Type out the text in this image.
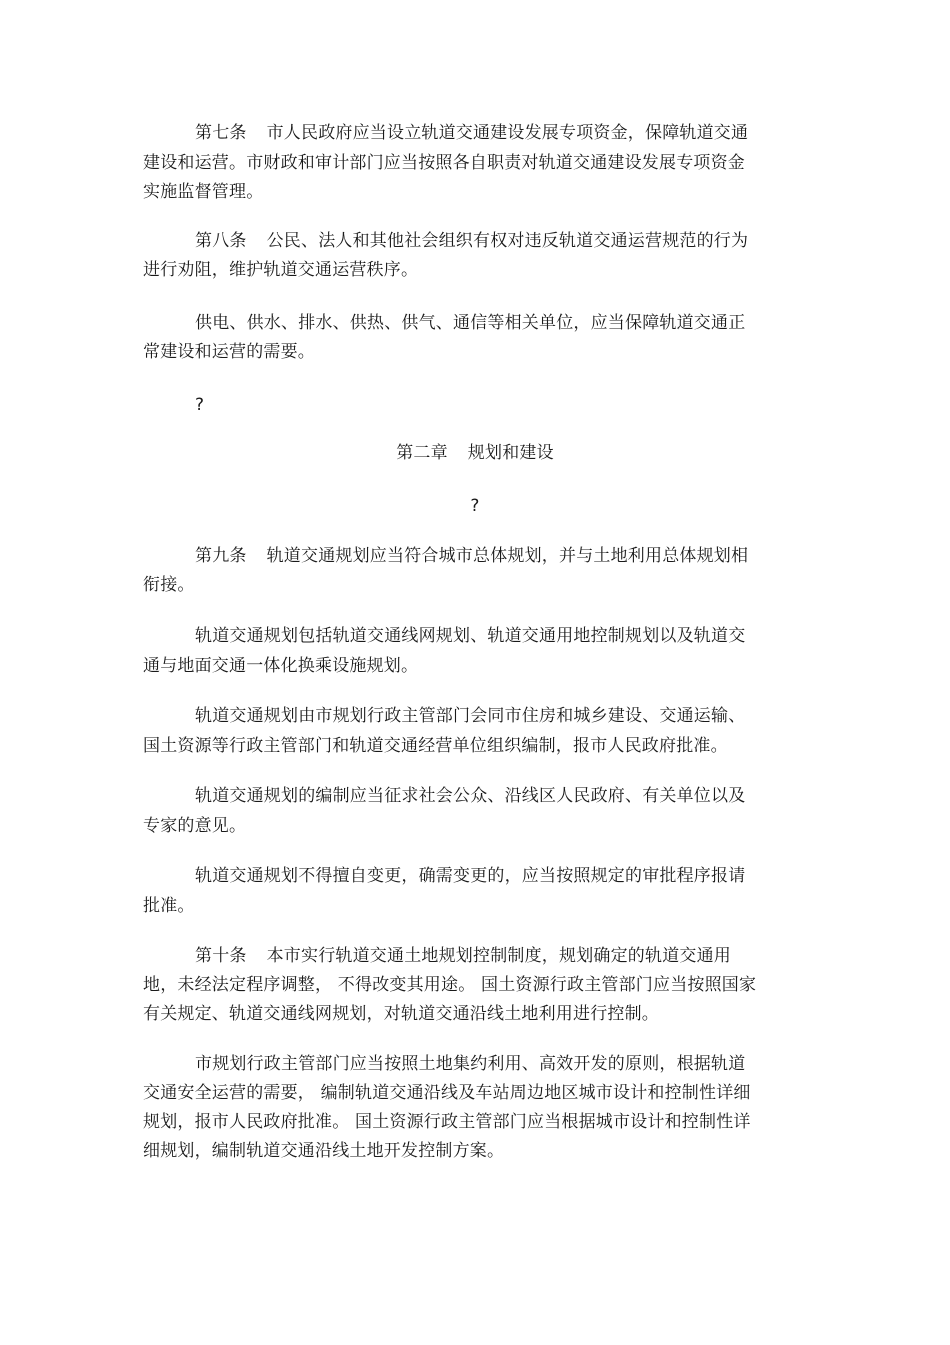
第七条 市人民政府应当设立轨道交通建设发展专项资金，保障轨道交通
建设和运营。市财政和审计部门应当按照各自职责对轨道交通建设发展专项资金
实施监督管理。
第八条 公民、法人和其他社会组织有权对违反轨道交通运营规范的行为
进行劝阻，维护轨道交通运营秩序。
供电、供水、排水、供热、供气、通信等相关单位，应当保障轨道交通正
常建设和运营的需要。
?
第二章 规划和建设
?
第九条 轨道交通规划应当符合城市总体规划，并与土地利用总体规划相
衔接。
轨道交通规划包括轨道交通线网规划、轨道交通用地控制规划以及轨道交
通与地面交通一体化换乘设施规划。
轨道交通规划由市规划行政主管部门会同市住房和城乡建设、交通运输、
国土资源等行政主管部门和轨道交通经营单位组织编制，报市人民政府批准。
轨道交通规划的编制应当征求社会公众、沿线区人民政府、有关单位以及
专家的意见。
轨道交通规划不得擅自变更，确需变更的，应当按照规定的审批程序报请
批准。
第十条 本市实行轨道交通土地规划控制制度，规划确定的轨道交通用
地，未经法定程序调整， 不得改变其用途。 国土资源行政主管部门应当按照国家
有关规定、轨道交通线网规划，对轨道交通沿线土地利用进行控制。
市规划行政主管部门应当按照土地集约利用、高效开发的原则，根据轨道
交通安全运营的需要， 编制轨道交通沿线及车站周边地区城市设计和控制性详细
规划，报市人民政府批准。 国土资源行政主管部门应当根据城市设计和控制性详
细规划，编制轨道交通沿线土地开发控制方案。
